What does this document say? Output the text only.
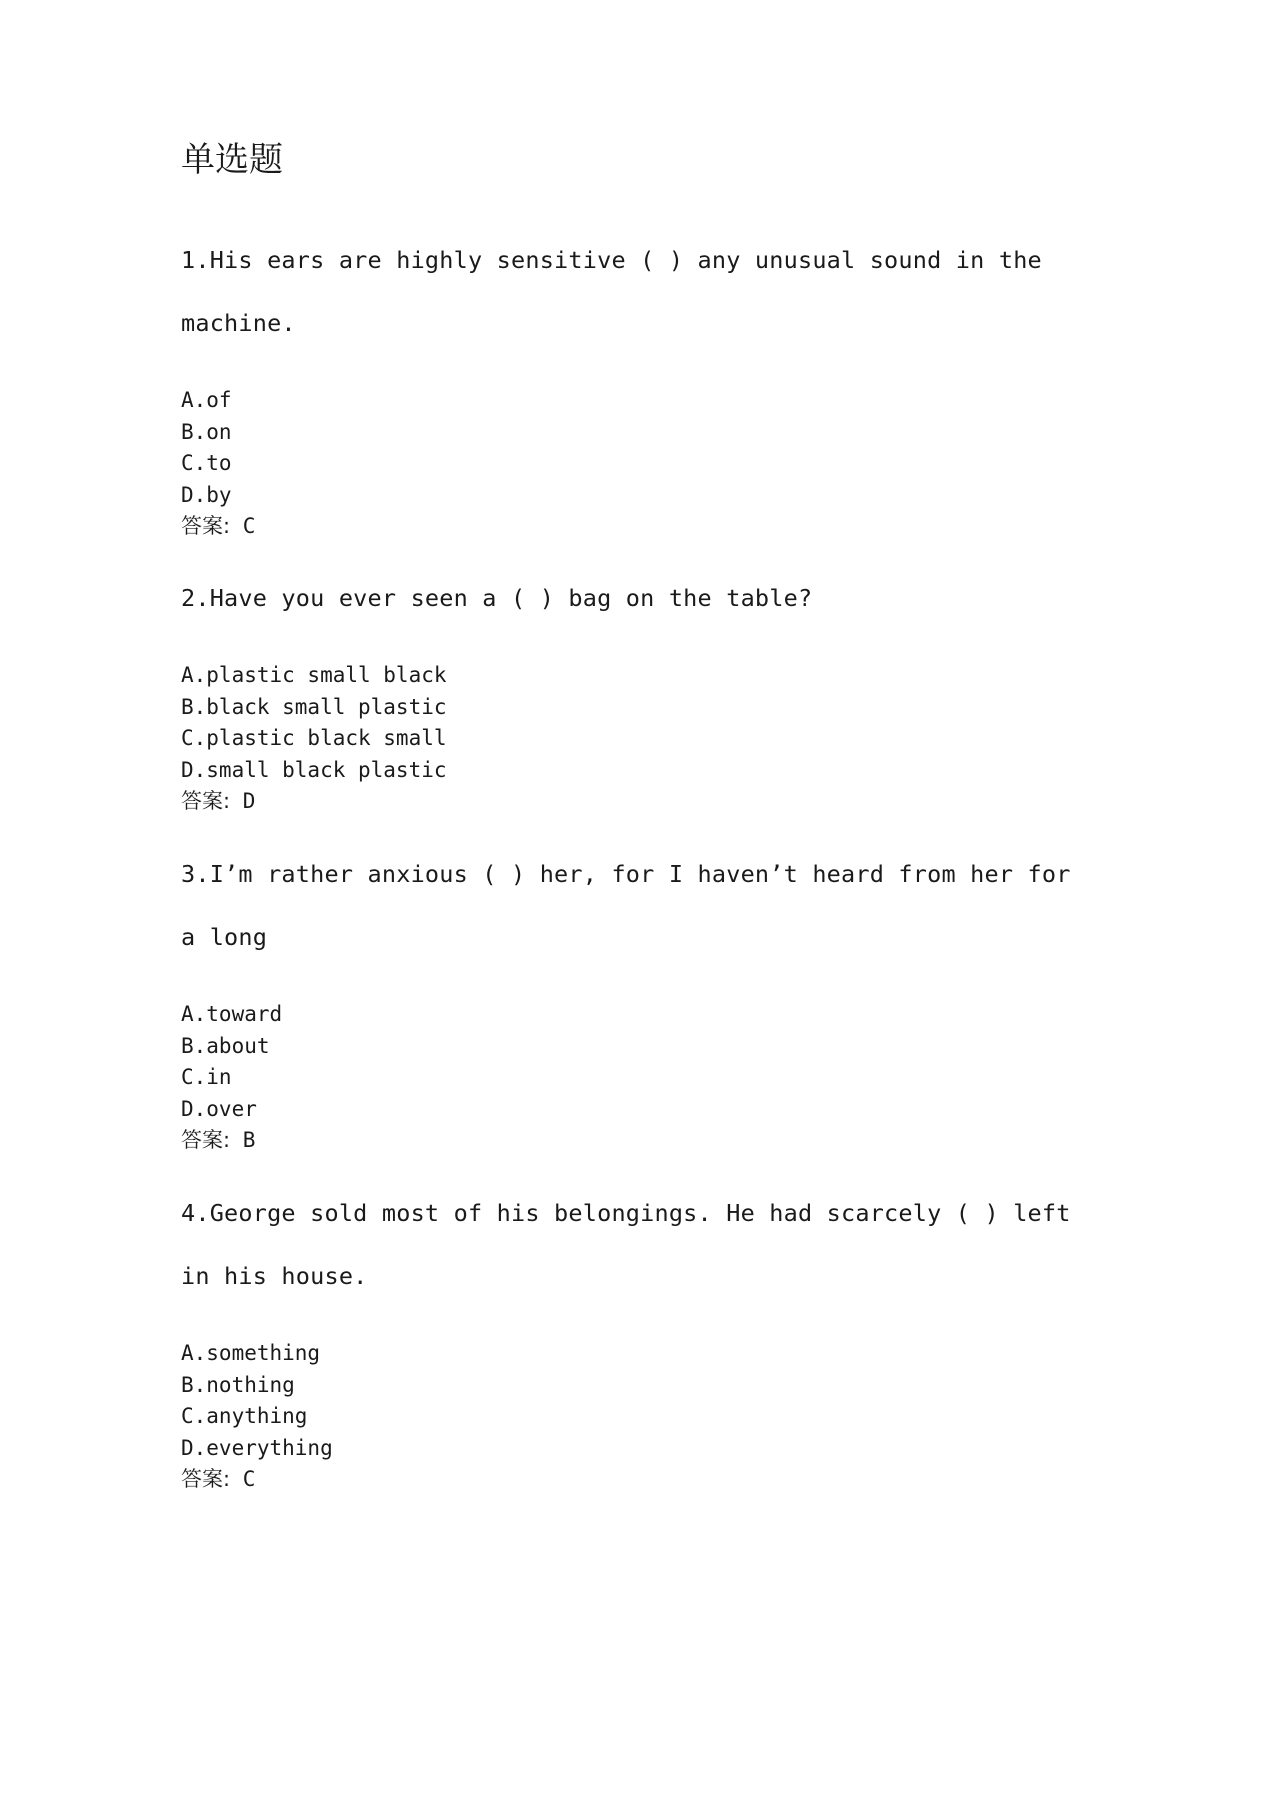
单选题
1.His ears are highly sensitive ( ) any unusual sound in the
machine.
A.of
B.on
C.to
D.by
答案: C
2.Have you ever seen a ( ) bag on the table?
A.plastic small black
B.black small plastic
C.plastic black small
D.small black plastic
答案: D
3.I’m rather anxious ( ) her, for I haven’t heard from her for
a long
A.toward
B.about
C.in
D.over
答案: B
4.George sold most of his belongings. He had scarcely ( ) left
in his house.
A.something
B.nothing
C.anything
D.everything
答案: C
